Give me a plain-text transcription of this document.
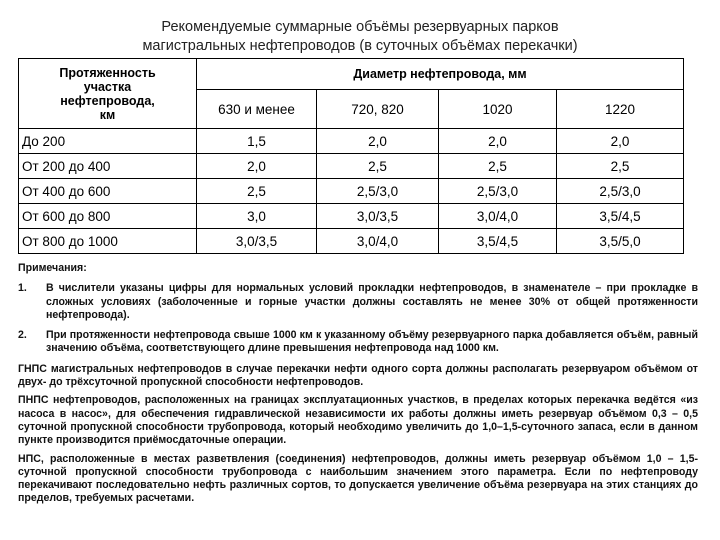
Рекомендуемые суммарные объёмы резервуарных парков
магистральных нефтепроводов (в суточных объёмах перекачки)
Протяженность участка нефтепровода, км	Диаметр нефтепровода, мм			
	630 и менее	720, 820	1020	1220
До 200	1,5	2,0	2,0	2,0
От 200 до 400	2,0	2,5	2,5	2,5
От 400 до 600	2,5	2,5/3,0	2,5/3,0	2,5/3,0
От 600 до 800	3,0	3,0/3,5	3,0/4,0	3,5/4,5
От 800 до 1000	3,0/3,5	3,0/4,0	3,5/4,5	3,5/5,0

Примечания:

1.	В числители указаны цифры для нормальных условий прокладки нефтепроводов, в знаменателе – при прокладке в сложных условиях (заболоченные и горные участки должны составлять не менее 30% от общей протяженности нефтепровода).
2.	При протяженности нефтепровода свыше 1000 км к указанному объёму резервуарного парка добавляется объём, равный значению объёма, соответствующего длине превышения нефтепровода над 1000 км.

ГНПС магистральных нефтепроводов в случае перекачки нефти одного сорта должны располагать резервуаром объёмом от двух- до трёхсуточной пропускной способности нефтепроводов.

ПНПС нефтепроводов, расположенных на границах эксплуатационных участков, в пределах которых перекачка ведётся «из насоса в насос», для обеспечения гидравлической независимости их работы должны иметь резервуар объёмом 0,3 – 0,5 суточной пропускной способности трубопровода, который необходимо увеличить до 1,0–1,5-суточного запаса, если в данном пункте производится приёмосдаточные операции.

НПС, расположенные в местах разветвления (соединения) нефтепроводов, должны иметь резервуар объёмом 1,0 – 1,5-суточной пропускной способности трубопровода с наибольшим значением этого параметра. Если по нефтепроводу перекачивают последовательно нефть различных сортов, то допускается увеличение объёма резервуара на этих станциях до пределов, требуемых расчетами.
